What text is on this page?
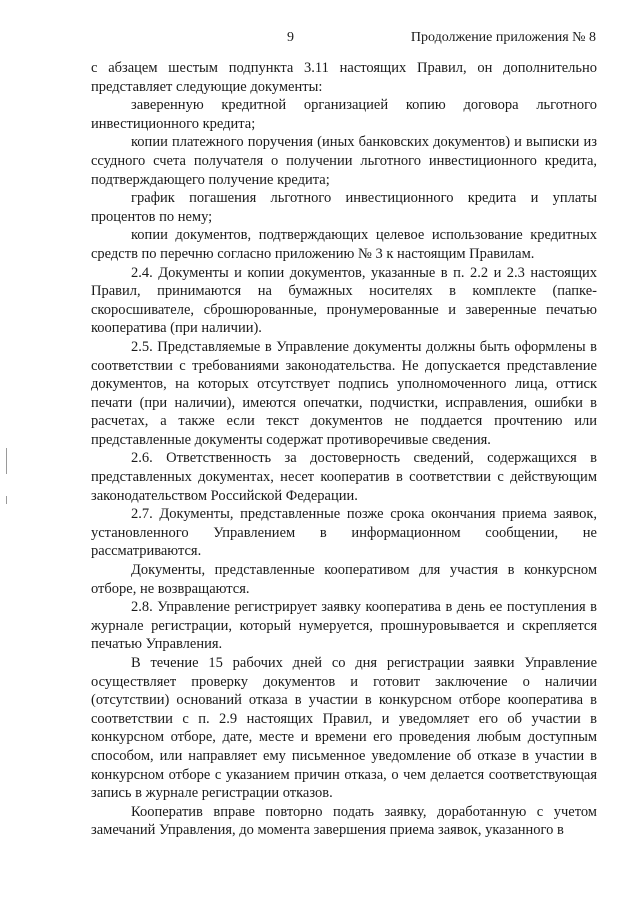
9	Продолжение приложения № 8

с абзацем шестым подпункта 3.11 настоящих Правил, он дополнительно представляет следующие документы:

заверенную кредитной организацией копию договора льготного инвестиционного кредита;

копии платежного поручения (иных банковских документов) и выписки из ссудного счета получателя о получении льготного инвестиционного кредита, подтверждающего получение кредита;

график погашения льготного инвестиционного кредита и уплаты процентов по нему;

копии документов, подтверждающих целевое использование кредитных средств по перечню согласно приложению № 3 к настоящим Правилам.

2.4. Документы и копии документов, указанные в п. 2.2 и 2.3 настоящих Правил, принимаются на бумажных носителях в комплекте (папке-скоросшивателе, сброшюрованные, пронумерованные и заверенные печатью кооператива (при наличии).

2.5. Представляемые в Управление документы должны быть оформлены в соответствии с требованиями законодательства. Не допускается представление документов, на которых отсутствует подпись уполномоченного лица, оттиск печати (при наличии), имеются опечатки, подчистки, исправления, ошибки в расчетах, а также если текст документов не поддается прочтению или представленные документы содержат противоречивые сведения.

2.6. Ответственность за достоверность сведений, содержащихся в представленных документах, несет кооператив в соответствии с действующим законодательством Российской Федерации.

2.7. Документы, представленные позже срока окончания приема заявок, установленного Управлением в информационном сообщении, не рассматриваются.

Документы, представленные кооперативом для участия в конкурсном отборе, не возвращаются.

2.8. Управление регистрирует заявку кооператива в день ее поступления в журнале регистрации, который нумеруется, прошнуровывается и скрепляется печатью Управления.

В течение 15 рабочих дней со дня регистрации заявки Управление осуществляет проверку документов и готовит заключение о наличии (отсутствии) оснований отказа в участии в конкурсном отборе кооператива в соответствии с п. 2.9 настоящих Правил, и уведомляет его об участии в конкурсном отборе, дате, месте и времени его проведения любым доступным способом, или направляет ему письменное уведомление об отказе в участии в конкурсном отборе с указанием причин отказа, о чем делается соответствующая запись в журнале регистрации отказов.

Кооператив вправе повторно подать заявку, доработанную с учетом замечаний Управления, до момента завершения приема заявок, указанного в
